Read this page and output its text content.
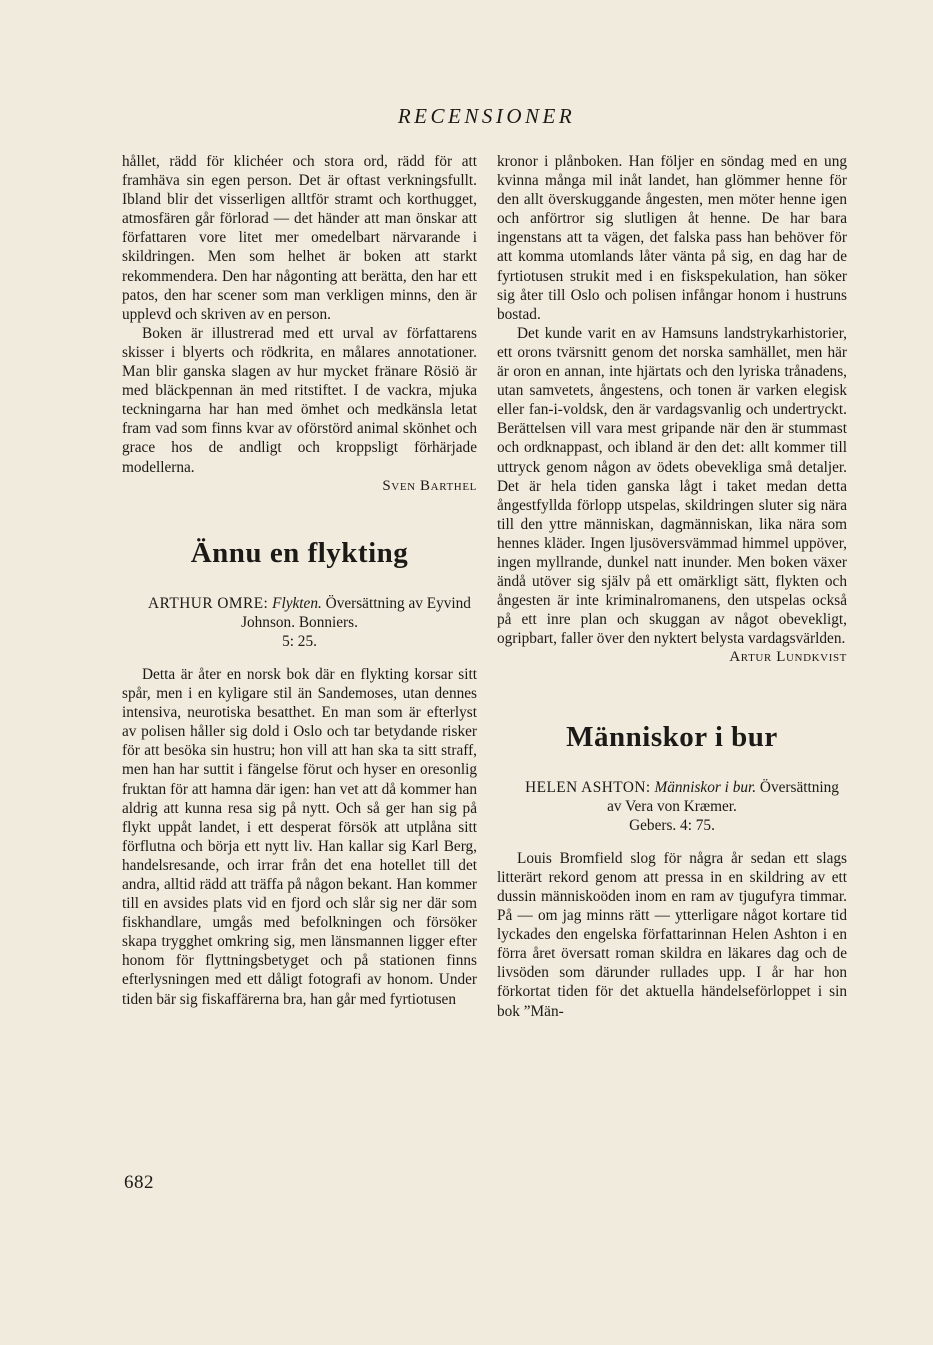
RECENSIONER

hållet, rädd för klichéer och stora ord, rädd för att framhäva sin egen person. Det är oftast verkningsfullt. Ibland blir det visserligen alltför stramt och korthugget, atmosfären går förlorad — det händer att man önskar att författaren vore litet mer omedelbart närvarande i skildringen. Men som helhet är boken att starkt rekommendera. Den har någonting att berätta, den har ett patos, den har scener som man verkligen minns, den är upplevd och skriven av en person.

Boken är illustrerad med ett urval av författarens skisser i blyerts och rödkrita, en målares annotationer. Man blir ganska slagen av hur mycket fränare Rösiö är med bläckpennan än med ritstiftet. I de vackra, mjuka teckningarna har han med ömhet och medkänsla letat fram vad som finns kvar av oförstörd animal skönhet och grace hos de andligt och kroppsligt förhärjade modellerna.

Sven Barthel

Ännu en flykting

ARTHUR OMRE: Flykten. Översättning av Eyvind Johnson. Bonniers.
5: 25.

Detta är åter en norsk bok där en flykting korsar sitt spår, men i en kyligare stil än Sandemoses, utan dennes intensiva, neurotiska besatthet. En man som är efterlyst av polisen håller sig dold i Oslo och tar betydande risker för att besöka sin hustru; hon vill att han ska ta sitt straff, men han har suttit i fängelse förut och hyser en oresonlig fruktan för att hamna där igen: han vet att då kommer han aldrig att kunna resa sig på nytt. Och så ger han sig på flykt uppåt landet, i ett desperat försök att utplåna sitt förflutna och börja ett nytt liv. Han kallar sig Karl Berg, handelsresande, och irrar från det ena hotellet till det andra, alltid rädd att träffa på någon bekant. Han kommer till en avsides plats vid en fjord och slår sig ner där som fiskhandlare, umgås med befolkningen och försöker skapa trygghet omkring sig, men länsmannen ligger efter honom för flyttningsbetyget och på stationen finns efterlysningen med ett dåligt fotografi av honom. Under tiden bär sig fiskaffärerna bra, han går med fyrtiotusen

kronor i plånboken. Han följer en söndag med en ung kvinna många mil inåt landet, han glömmer henne för den allt överskuggande ångesten, men möter henne igen och anförtror sig slutligen åt henne. De har bara ingenstans att ta vägen, det falska pass han behöver för att komma utomlands låter vänta på sig, en dag har de fyrtiotusen strukit med i en fiskspekulation, han söker sig åter till Oslo och polisen infångar honom i hustruns bostad.

Det kunde varit en av Hamsuns landstrykarhistorier, ett orons tvärsnitt genom det norska samhället, men här är oron en annan, inte hjärtats och den lyriska trånadens, utan samvetets, ångestens, och tonen är varken elegisk eller fan-i-voldsk, den är vardagsvanlig och undertryckt. Berättelsen vill vara mest gripande när den är stummast och ordknappast, och ibland är den det: allt kommer till uttryck genom någon av ödets obevekliga små detaljer. Det är hela tiden ganska lågt i taket medan detta ångestfyllda förlopp utspelas, skildringen sluter sig nära till den yttre människan, dagmänniskan, lika nära som hennes kläder. Ingen ljusöversvämmad himmel uppöver, ingen myllrande, dunkel natt inunder. Men boken växer ändå utöver sig själv på ett omärkligt sätt, flykten och ångesten är inte kriminalromanens, den utspelas också på ett inre plan och skuggan av något obevekligt, ogripbart, faller över den nyktert belysta vardagsvärlden.

Artur Lundkvist

Människor i bur

HELEN ASHTON: Människor i bur. Översättning av Vera von Kræmer.
Gebers. 4: 75.

Louis Bromfield slog för några år sedan ett slags litterärt rekord genom att pressa in en skildring av ett dussin människoöden inom en ram av tjugufyra timmar. På — om jag minns rätt — ytterligare något kortare tid lyckades den engelska författarinnan Helen Ashton i en förra året översatt roman skildra en läkares dag och de livsöden som därunder rullades upp. I år har hon förkortat tiden för det aktuella händelseförloppet i sin bok ”Män-

682
